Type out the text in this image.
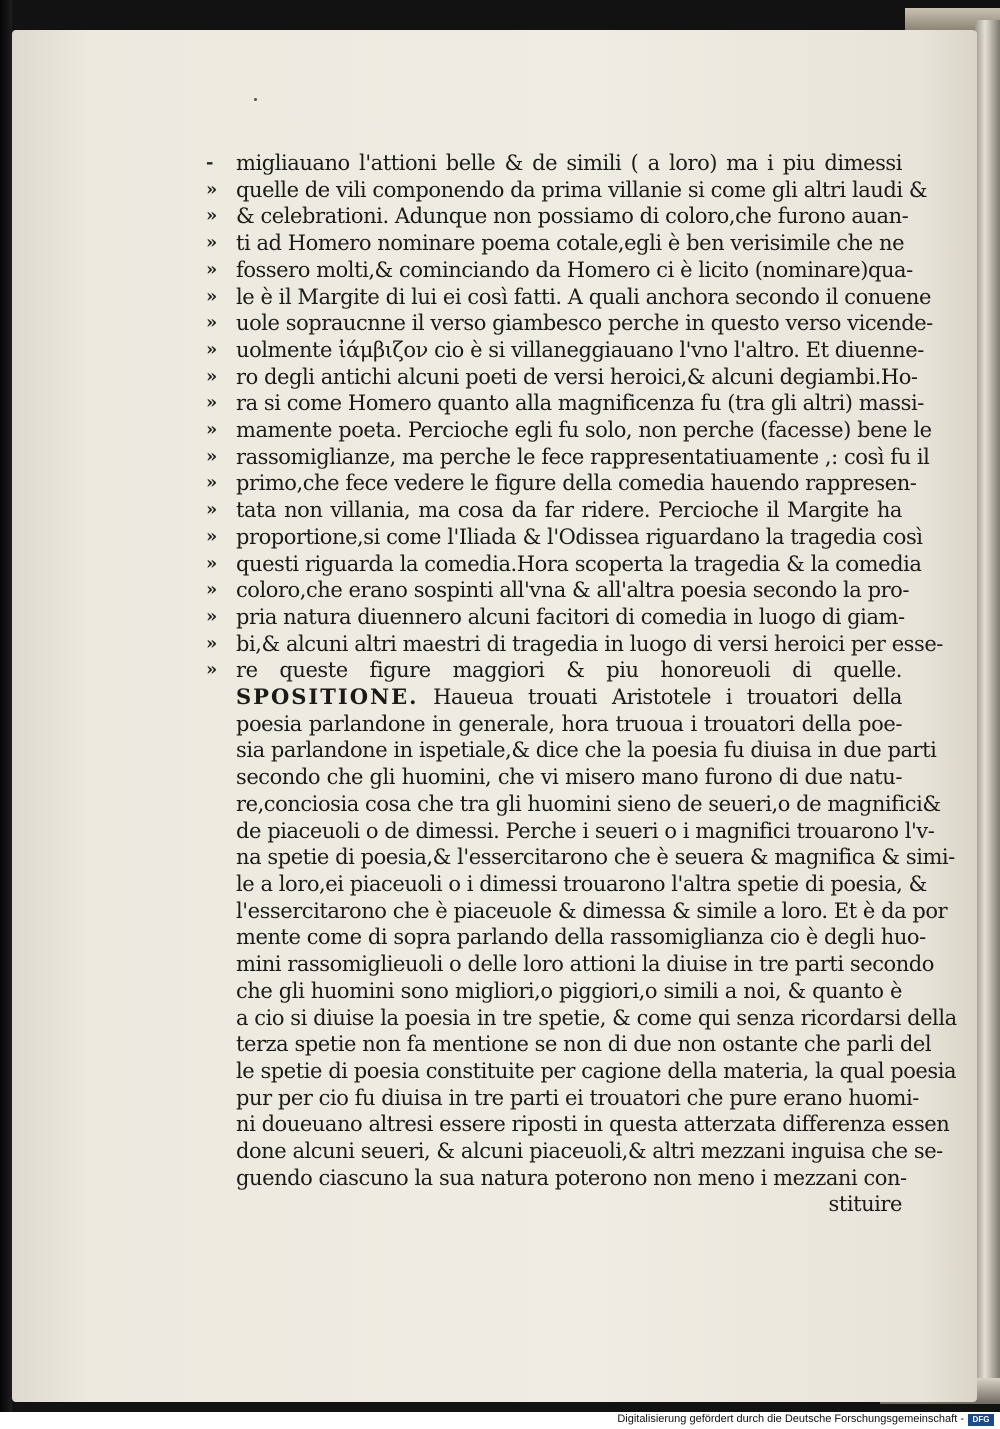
- migliauano l'attioni belle & de simili ( a loro) ma i piu dimessi
» quelle de vili componendo da prima villanie si come gli altri laudi &
» & celebrationi. Adunque non possiamo di coloro,che furono auan-
» ti ad Homero nominare poema cotale,egli è ben verisimile che ne
» fossero molti,& cominciando da Homero ci è licito (nominare)qua-
» le è il Margite di lui ei così fatti. A quali anchora secondo il conuene
» uole sopraucnne il verso giambesco perche in questo verso vicende-
» uolmente ἰάμβιζον cio è si villaneggiauano l'vno l'altro. Et diuenne-
» ro degli antichi alcuni poeti de versi heroici,& alcuni degiambi.Ho-
» ra si come Homero quanto alla magnificenza fu (tra gli altri) massi-
» mamente poeta. Percioche egli fu solo, non perche (facesse) bene le
» rassomiglianze, ma perche le fece rappresentatiuamente ,: così fu il
» primo,che fece vedere le figure della comedia hauendo rappresen-
» tata non villania, ma cosa da far ridere. Percioche il Margite ha
» proportione,si come l'Iliada & l'Odissea riguardano la tragedia così
» questi riguarda la comedia.Hora scoperta la tragedia & la comedia
» coloro,che erano sospinti all'vna & all'altra poesia secondo la pro-
» pria natura diuennero alcuni facitori di comedia in luogo di giam-
» bi,& alcuni altri maestri di tragedia in luogo di versi heroici per esse-
» re queste figure maggiori & piu honoreuoli di quelle.
SPOSITIONE. Haueua trouati Aristotele i trouatori della
poesia parlandone in generale, hora truoua i trouatori della poe-
sia parlandone in ispetiale,& dice che la poesia fu diuisa in due parti
secondo che gli huomini, che vi misero mano furono di due natu-
re,conciosia cosa che tra gli huomini sieno de seueri,o de magnifici&
de piaceuoli o de dimessi. Perche i seueri o i magnifici trouarono l'v-
na spetie di poesia,& l'essercitarono che è seuera & magnifica & simi-
le a loro,ei piaceuoli o i dimessi trouarono l'altra spetie di poesia, &
l'essercitarono che è piaceuole & dimessa & simile a loro. Et è da por
mente come di sopra parlando della rassomiglianza cio è degli huo-
mini rassomiglieuoli o delle loro attioni la diuise in tre parti secondo
che gli huomini sono migliori,o piggiori,o simili a noi, & quanto è
a cio si diuise la poesia in tre spetie, & come qui senza ricordarsi della
terza spetie non fa mentione se non di due non ostante che parli del
le spetie di poesia constituite per cagione della materia, la qual poesia
pur per cio fu diuisa in tre parti ei trouatori che pure erano huomi-
ni doueuano altresi essere riposti in questa atterzata differenza essen
done alcuni seueri, & alcuni piaceuoli,& altri mezzani inguisa che se-
guendo ciascuno la sua natura poterono non meno i mezzani con-
stituire
Digitalisierung gefördert durch die Deutsche Forschungsgemeinschaft -	DFG
